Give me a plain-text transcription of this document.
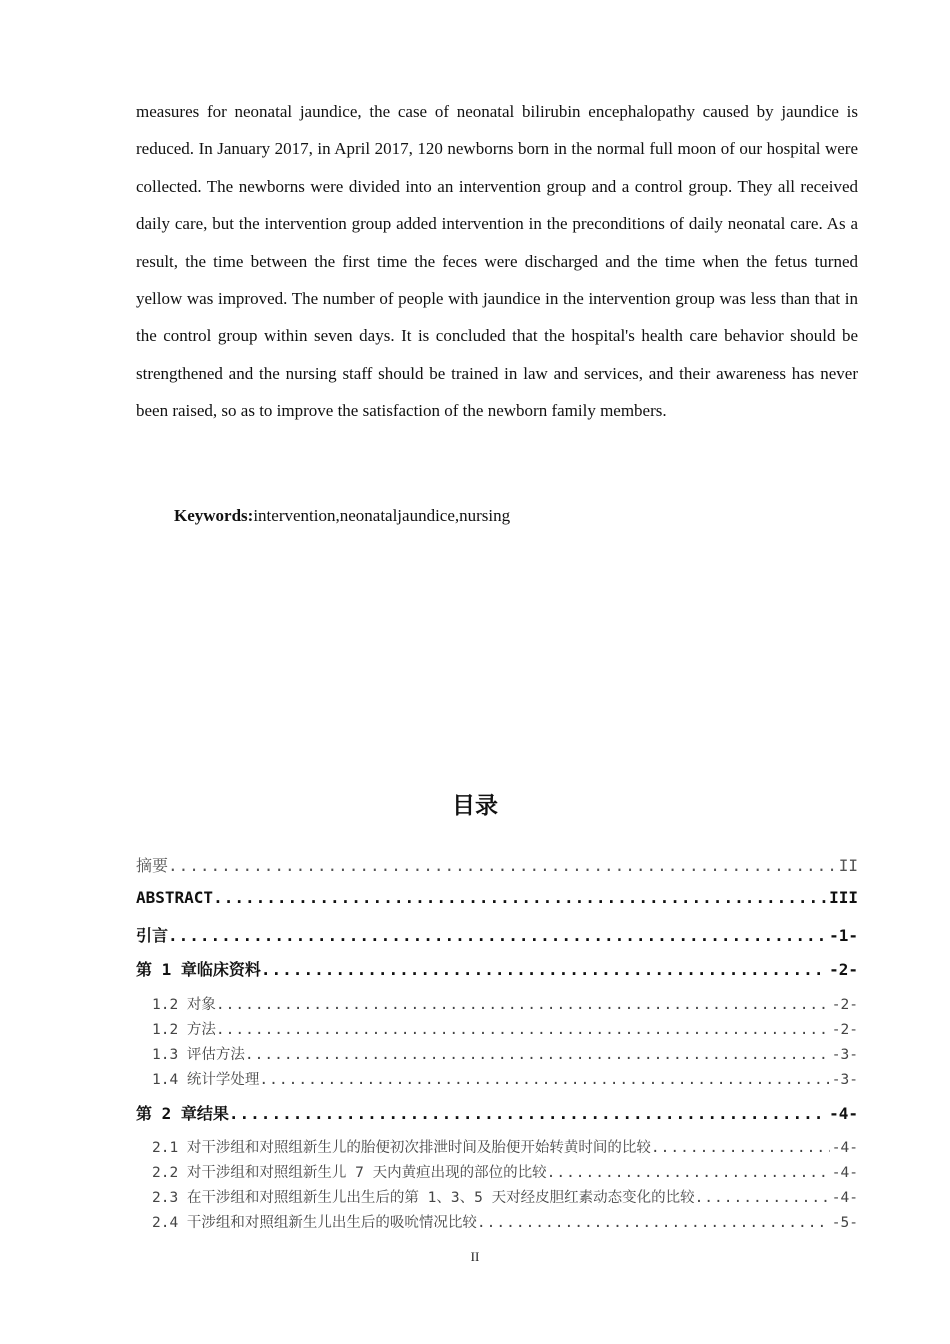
measures for neonatal jaundice, the case of neonatal bilirubin encephalopathy caused by jaundice is reduced. In January 2017, in April 2017, 120 newborns born in the normal full moon of our hospital were collected. The newborns were divided into an intervention group and a control group. They all received daily care, but the intervention group added intervention in the preconditions of daily neonatal care. As a result, the time between the first time the feces were discharged and the time when the fetus turned yellow was improved. The number of people with jaundice in the intervention group was less than that in the control group within seven days. It is concluded that the hospital's health care behavior should be strengthened and the nursing staff should be trained in law and services, and their awareness has never been raised, so as to improve the satisfaction of the newborn family members.

Keywords:intervention,neonataljaundice,nursing

目录
摘要 .....	II
ABSTRACT .....	III
引言 .....	-1-
第 1 章临床资料 .....	-2-
1.2 对象 .....	-2-
1.2 方法 .....	-2-
1.3 评估方法 .....	-3-
1.4 统计学处理 .....	-3-
第 2 章结果 .....	-4-
2.1 对干涉组和对照组新生儿的胎便初次排泄时间及胎便开始转黄时间的比较 .....	-4-
2.2 对干涉组和对照组新生儿 7 天内黄疸出现的部位的比较 .....	-4-
2.3 在干涉组和对照组新生儿出生后的第 1、3、5 天对经皮胆红素动态变化的比较 .....	-4-
2.4 干涉组和对照组新生儿出生后的吸吮情况比较 .....	-5-
II
